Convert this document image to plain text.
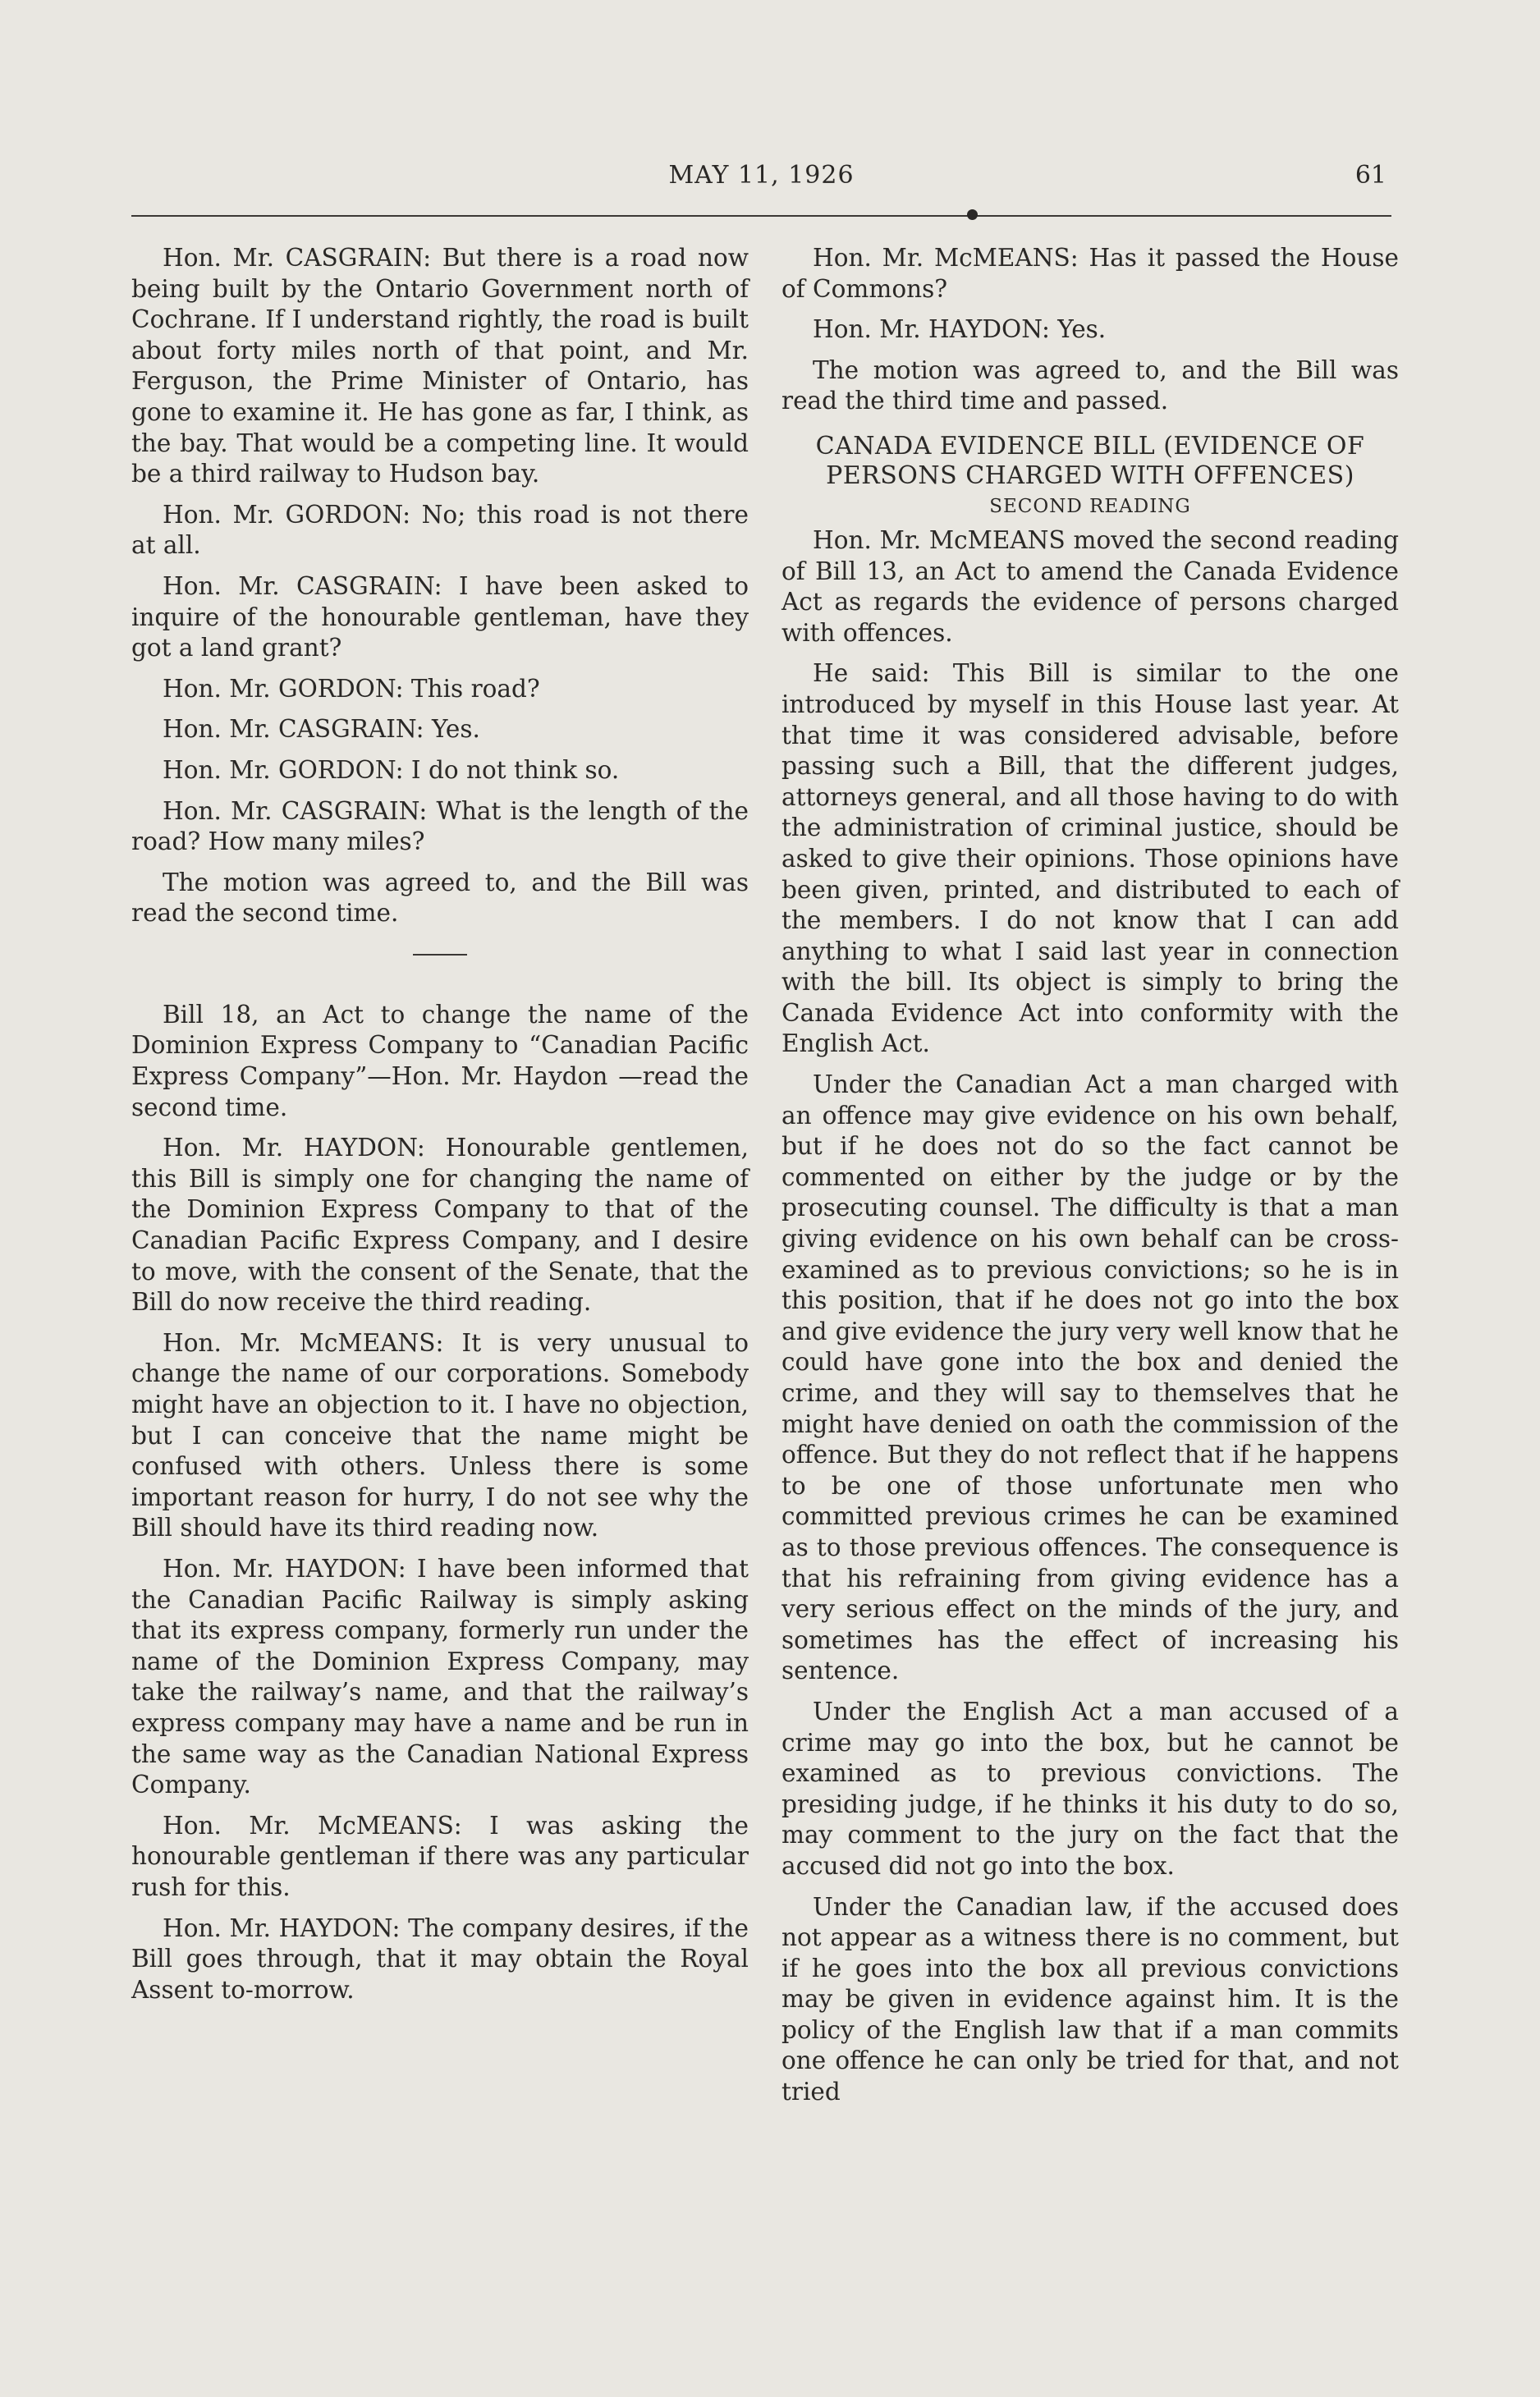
MAY 11, 1926	61

Hon. Mr. CASGRAIN: But there is a road now being built by the Ontario Government north of Cochrane. If I understand rightly, the road is built about forty miles north of that point, and Mr. Ferguson, the Prime Minister of Ontario, has gone to examine it. He has gone as far, I think, as the bay. That would be a competing line. It would be a third railway to Hudson bay.

Hon. Mr. GORDON: No; this road is not there at all.

Hon. Mr. CASGRAIN: I have been asked to inquire of the honourable gentleman, have they got a land grant?

Hon. Mr. GORDON: This road?

Hon. Mr. CASGRAIN: Yes.

Hon. Mr. GORDON: I do not think so.

Hon. Mr. CASGRAIN: What is the length of the road? How many miles?

The motion was agreed to, and the Bill was read the second time.

Bill 18, an Act to change the name of the Dominion Express Company to “Canadian Pacific Express Company”—Hon. Mr. Haydon —read the second time.

Hon. Mr. HAYDON: Honourable gentlemen, this Bill is simply one for changing the name of the Dominion Express Company to that of the Canadian Pacific Express Company, and I desire to move, with the consent of the Senate, that the Bill do now receive the third reading.

Hon. Mr. McMEANS: It is very unusual to change the name of our corporations. Somebody might have an objection to it. I have no objection, but I can conceive that the name might be confused with others. Unless there is some important reason for hurry, I do not see why the Bill should have its third reading now.

Hon. Mr. HAYDON: I have been informed that the Canadian Pacific Railway is simply asking that its express company, formerly run under the name of the Dominion Express Company, may take the railway’s name, and that the railway’s express company may have a name and be run in the same way as the Canadian National Express Company.

Hon. Mr. McMEANS: I was asking the honourable gentleman if there was any particular rush for this.

Hon. Mr. HAYDON: The company desires, if the Bill goes through, that it may obtain the Royal Assent to-morrow.

Hon. Mr. McMEANS: Has it passed the House of Commons?

Hon. Mr. HAYDON: Yes.

The motion was agreed to, and the Bill was read the third time and passed.

CANADA EVIDENCE BILL (EVIDENCE OF PERSONS CHARGED WITH OFFENCES)
SECOND READING

Hon. Mr. McMEANS moved the second reading of Bill 13, an Act to amend the Canada Evidence Act as regards the evidence of persons charged with offences.

He said: This Bill is similar to the one introduced by myself in this House last year. At that time it was considered advisable, before passing such a Bill, that the different judges, attorneys general, and all those having to do with the administration of criminal justice, should be asked to give their opinions. Those opinions have been given, printed, and distributed to each of the members. I do not know that I can add anything to what I said last year in connection with the bill. Its object is simply to bring the Canada Evidence Act into conformity with the English Act.

Under the Canadian Act a man charged with an offence may give evidence on his own behalf, but if he does not do so the fact cannot be commented on either by the judge or by the prosecuting counsel. The difficulty is that a man giving evidence on his own behalf can be cross-examined as to previous convictions; so he is in this position, that if he does not go into the box and give evidence the jury very well know that he could have gone into the box and denied the crime, and they will say to themselves that he might have denied on oath the commission of the offence. But they do not reflect that if he happens to be one of those unfortunate men who committed previous crimes he can be examined as to those previous offences. The consequence is that his refraining from giving evidence has a very serious effect on the minds of the jury, and sometimes has the effect of increasing his sentence.

Under the English Act a man accused of a crime may go into the box, but he cannot be examined as to previous convictions. The presiding judge, if he thinks it his duty to do so, may comment to the jury on the fact that the accused did not go into the box.

Under the Canadian law, if the accused does not appear as a witness there is no comment, but if he goes into the box all previous convictions may be given in evidence against him. It is the policy of the English law that if a man commits one offence he can only be tried for that, and not tried
